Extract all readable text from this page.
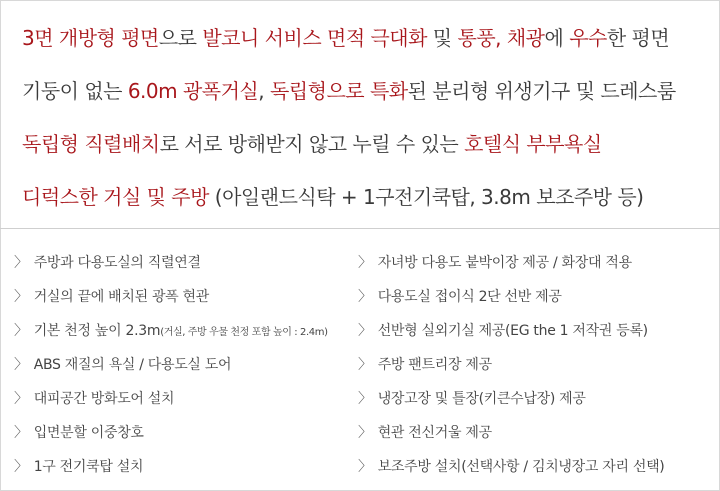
3면 개방형 평면으로 발코니 서비스 면적 극대화 및 통풍, 채광에 우수한 평면
기둥이 없는 6.0m 광폭거실, 독립형으로 특화된 분리형 위생기구 및 드레스룸
독립형 직렬배치로 서로 방해받지 않고 누릴 수 있는 호텔식 부부욕실
디럭스한 거실 및 주방 (아일랜드식탁 + 1구전기쿡탑, 3.8m 보조주방 등)
〉 주방과 다용도실의 직렬연결
〉 거실의 끝에 배치된 광폭 현관
〉 기본 천정 높이 2.3m(거실, 주방 우물 천정 포함 높이 : 2.4m)
〉 ABS 재질의 욕실 / 다용도실 도어
〉 대피공간 방화도어 설치
〉 입면분할 이중창호
〉 1구 전기쿡탑 설치
〉 자녀방 다용도 붙박이장 제공 / 화장대 적용
〉 다용도실 접이식 2단 선반 제공
〉 선반형 실외기실 제공(EG the 1 저작권 등록)
〉 주방 팬트리장 제공
〉 냉장고장 및 틀장(키큰수납장) 제공
〉 현관 전신거울 제공
〉 보조주방 설치(선택사항 / 김치냉장고 자리 선택)
